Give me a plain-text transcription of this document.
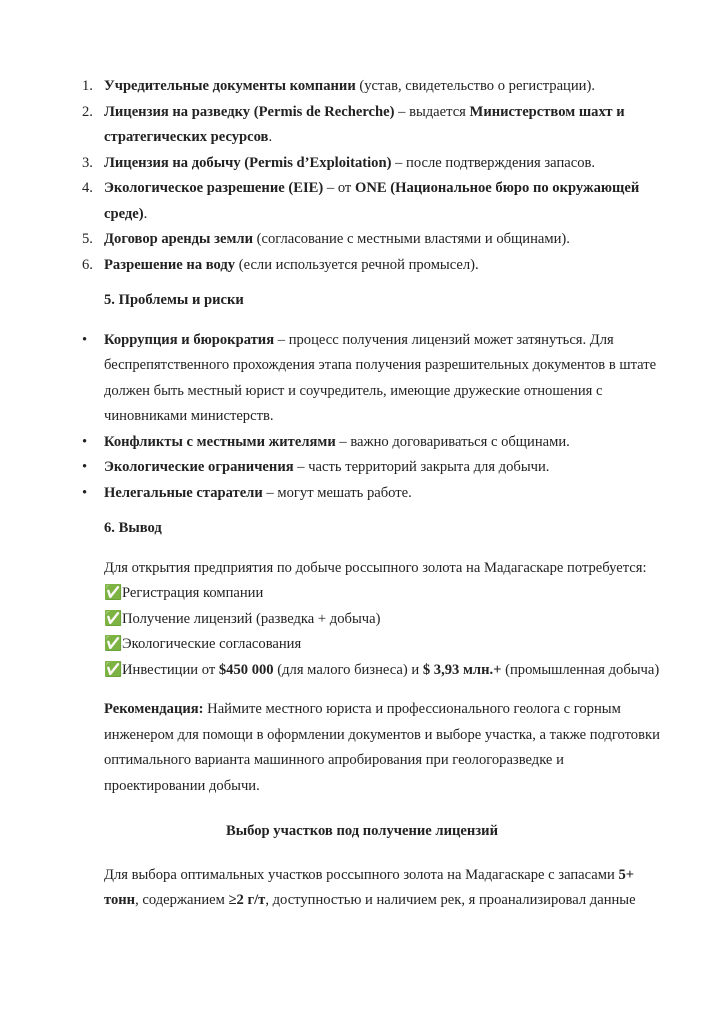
1. Учредительные документы компании (устав, свидетельство о регистрации).
2. Лицензия на разведку (Permis de Recherche) – выдается Министерством шахт и стратегических ресурсов.
3. Лицензия на добычу (Permis d’Exploitation) – после подтверждения запасов.
4. Экологическое разрешение (EIE) – от ONE (Национальное бюро по окружающей среде).
5. Договор аренды земли (согласование с местными властями и общинами).
6. Разрешение на воду (если используется речной промысел).
5. Проблемы и риски
• Коррупция и бюрократия – процесс получения лицензий может затянуться. Для беспрепятственного прохождения этапа получения разрешительных документов в штате должен быть местный юрист и соучредитель, имеющие дружеские отношения с чиновниками министерств.
• Конфликты с местными жителями – важно договариваться с общинами.
• Экологические ограничения – часть территорий закрыта для добычи.
• Нелегальные старатели – могут мешать работе.
6. Вывод

Для открытия предприятия по добыче россыпного золота на Мадагаскаре потребуется:

✅Регистрация компании
✅Получение лицензий (разведка + добыча)
✅Экологические согласования
✅Инвестиции от $450 000 (для малого бизнеса) и $ 3,93 млн.+ (промышленная добыча)

Рекомендация: Наймите местного юриста и профессионального геолога с горным инженером для помощи в оформлении документов и выборе участка, а также подготовки оптимального варианта машинного апробирования при геологоразведке и проектировании добычи.

Выбор участков под получение лицензий

Для выбора оптимальных участков россыпного золота на Мадагаскаре с запасами 5+ тонн, содержанием ≥2 г/т, доступностью и наличием рек, я проанализировал данные
